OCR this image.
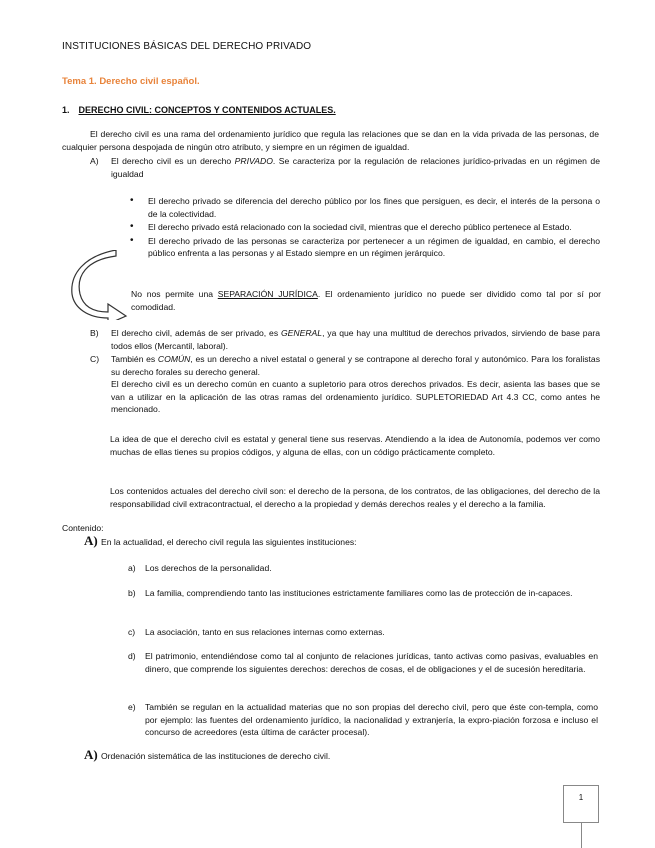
INSTITUCIONES BÁSICAS DEL DERECHO PRIVADO
Tema 1. Derecho civil español.
1. DERECHO CIVIL: CONCEPTOS Y CONTENIDOS ACTUALES.
El derecho civil es una rama del ordenamiento jurídico que regula las relaciones que se dan en la vida privada de las personas, de cualquier persona despojada de ningún otro atributo, y siempre en un régimen de igualdad.
A)	El derecho civil es un derecho PRIVADO. Se caracteriza por la regulación de relaciones jurídico-privadas en un régimen de igualdad
• El derecho privado se diferencia del derecho público por los fines que persiguen, es decir, el interés de la persona o de la colectividad.
• El derecho privado está relacionado con la sociedad civil, mientras que el derecho público pertenece al Estado.
• El derecho privado de las personas se caracteriza por pertenecer a un régimen de igualdad, en cambio, el derecho público enfrenta a las personas y al Estado siempre en un régimen jerárquico.
No nos permite una SEPARACIÓN JURÍDICA. El ordenamiento jurídico no puede ser dividido como tal por sí por comodidad.
B)	El derecho civil, además de ser privado, es GENERAL, ya que hay una multitud de derechos privados, sirviendo de base para todos ellos (Mercantil, laboral).
C)	También es COMÚN, es un derecho a nivel estatal o general y se contrapone al derecho foral y autonómico. Para los foralistas su derecho forales su derecho general.
El derecho civil es un derecho común en cuanto a supletorio para otros derechos privados. Es decir, asienta las bases que se van a utilizar en la aplicación de las otras ramas del ordenamiento jurídico. SUPLETORIEDAD Art 4.3 CC, como antes he mencionado.
La idea de que el derecho civil es estatal y general tiene sus reservas. Atendiendo a la idea de Autonomía, podemos ver como muchas de ellas tienes su propios códigos, y alguna de ellas, con un código prácticamente completo.
Los contenidos actuales del derecho civil son: el derecho de la persona, de los contratos, de las obligaciones, del derecho de la responsabilidad civil extracontractual, el derecho a la propiedad y demás derechos reales y el derecho a la familia.
Contenido:
A) En la actualidad, el derecho civil regula las siguientes instituciones:
a)	Los derechos de la personalidad.
b)	La familia, comprendiendo tanto las instituciones estrictamente familiares como las de protección de in-capaces.
c)	La asociación, tanto en sus relaciones internas como externas.
d)	El patrimonio, entendiéndose como tal al conjunto de relaciones jurídicas, tanto activas como pasivas, evaluables en dinero, que comprende los siguientes derechos: derechos de cosas, el de obligaciones y el de sucesión hereditaria.
e)	También se regulan en la actualidad materias que no son propias del derecho civil, pero que éste con-templa, como por ejemplo: las fuentes del ordenamiento jurídico, la nacionalidad y extranjería, la expro-piación forzosa e incluso el concurso de acreedores (esta última de carácter procesal).
A) Ordenación sistemática de las instituciones de derecho civil.
1
